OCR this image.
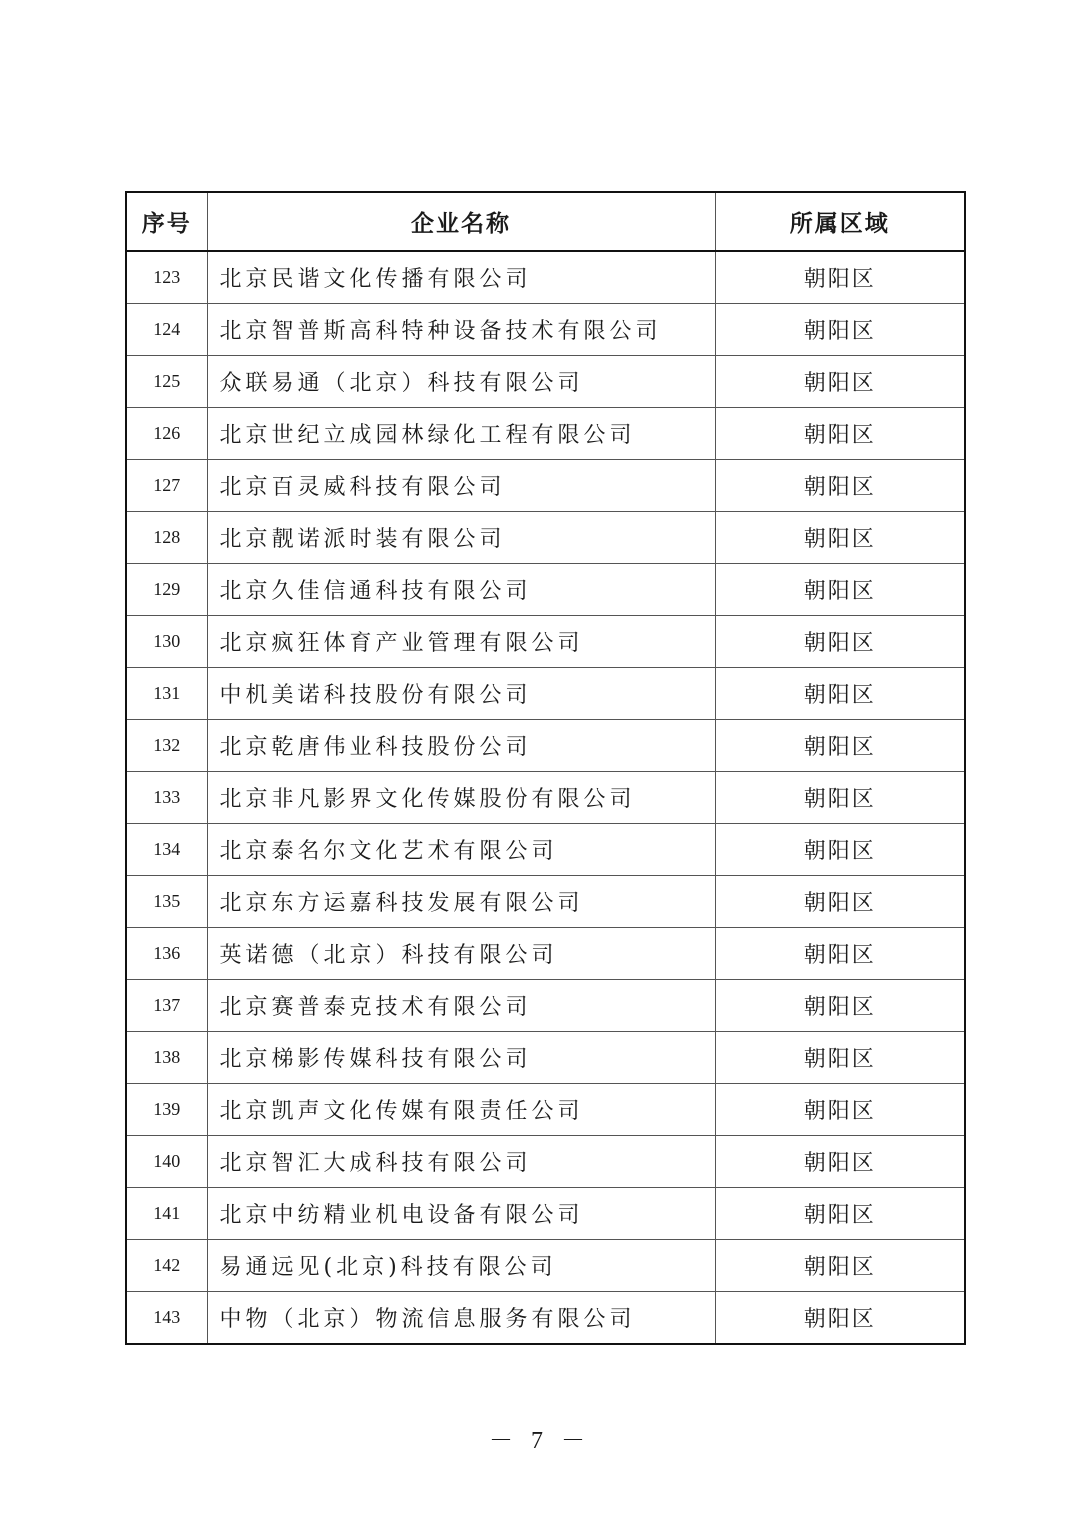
序号	企业名称	所属区域
123	北京民谐文化传播有限公司	朝阳区
124	北京智普斯高科特种设备技术有限公司	朝阳区
125	众联易通（北京）科技有限公司	朝阳区
126	北京世纪立成园林绿化工程有限公司	朝阳区
127	北京百灵威科技有限公司	朝阳区
128	北京靓诺派时装有限公司	朝阳区
129	北京久佳信通科技有限公司	朝阳区
130	北京疯狂体育产业管理有限公司	朝阳区
131	中机美诺科技股份有限公司	朝阳区
132	北京乾唐伟业科技股份公司	朝阳区
133	北京非凡影界文化传媒股份有限公司	朝阳区
134	北京泰名尔文化艺术有限公司	朝阳区
135	北京东方运嘉科技发展有限公司	朝阳区
136	英诺德（北京）科技有限公司	朝阳区
137	北京赛普泰克技术有限公司	朝阳区
138	北京梯影传媒科技有限公司	朝阳区
139	北京凯声文化传媒有限责任公司	朝阳区
140	北京智汇大成科技有限公司	朝阳区
141	北京中纺精业机电设备有限公司	朝阳区
142	易通远见(北京)科技有限公司	朝阳区
143	中物（北京）物流信息服务有限公司	朝阳区
－ 7 －
